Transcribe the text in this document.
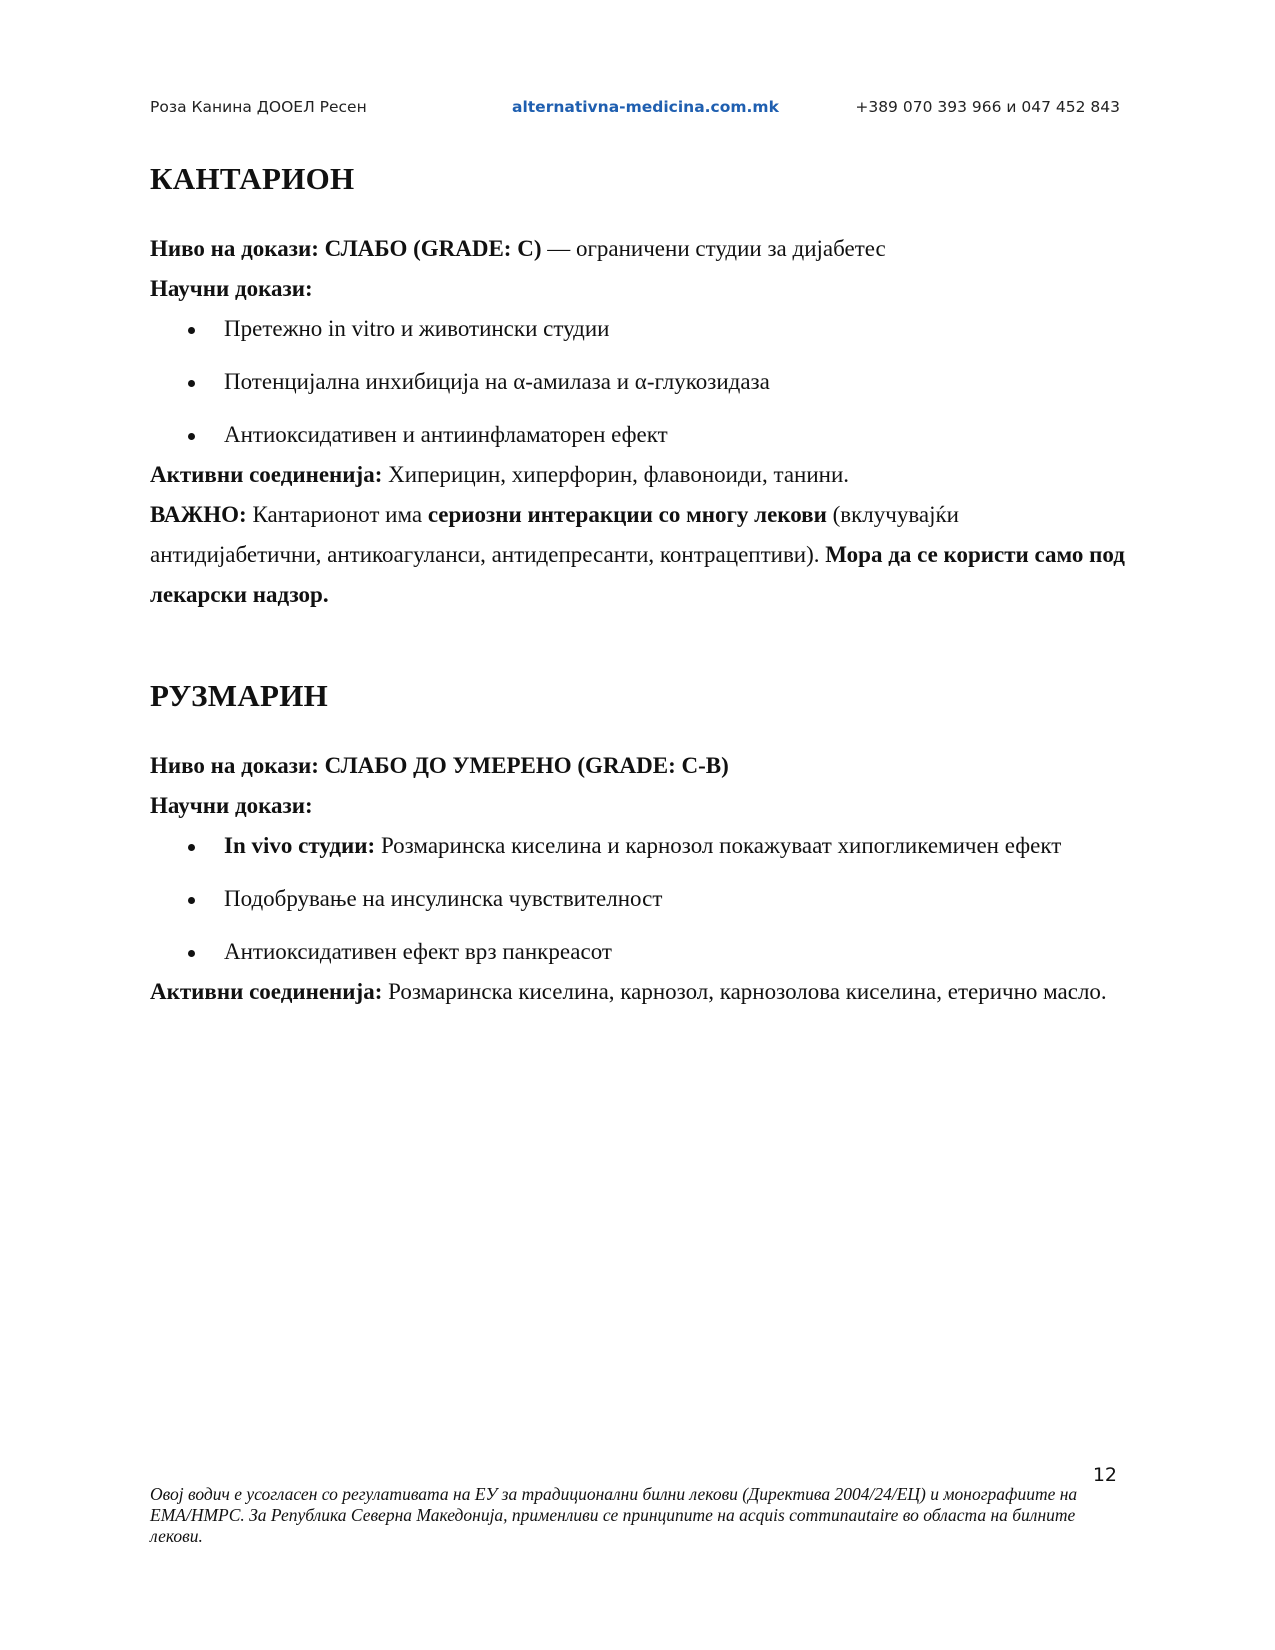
Роза Канина ДООЕЛ Ресен	alternativna-medicina.com.mk	+389 070 393 966 и 047 452 843
КАНТАРИОН

Ниво на докази: СЛАБО (GRADE: C) — ограничени студии за дијабетес

Научни докази:

Претежно in vitro и животински студии
Потенцијална инхибиција на α-амилаза и α-глукозидаза
Антиоксидативен и антиинфламаторен ефект

Активни соединенија: Хиперицин, хиперфорин, флавоноиди, танини.

ВАЖНО: Кантарионот има сериозни интеракции со многу лекови (вклучувајќи антидијабетични, антикоагуланси, антидепресанти, контрацептиви). Мора да се користи само под лекарски надзор.

РУЗМАРИН

Ниво на докази: СЛАБО ДО УМЕРЕНО (GRADE: C-B)

Научни докази:

In vivo студии: Розмаринска киселина и карнозол покажуваат хипогликемичен ефект
Подобрување на инсулинска чувствителност
Антиоксидативен ефект врз панкреасот

Активни соединенија: Розмаринска киселина, карнозол, карнозолова киселина, етерично масло.

12
Овој водич е усогласен со регулативата на ЕУ за традиционални билни лекови (Директива 2004/24/ЕЦ) и монографиите на EMA/HMPC. За Република Северна Македонија, применливи се принципите на acquis communautaire во областа на билните лекови.
